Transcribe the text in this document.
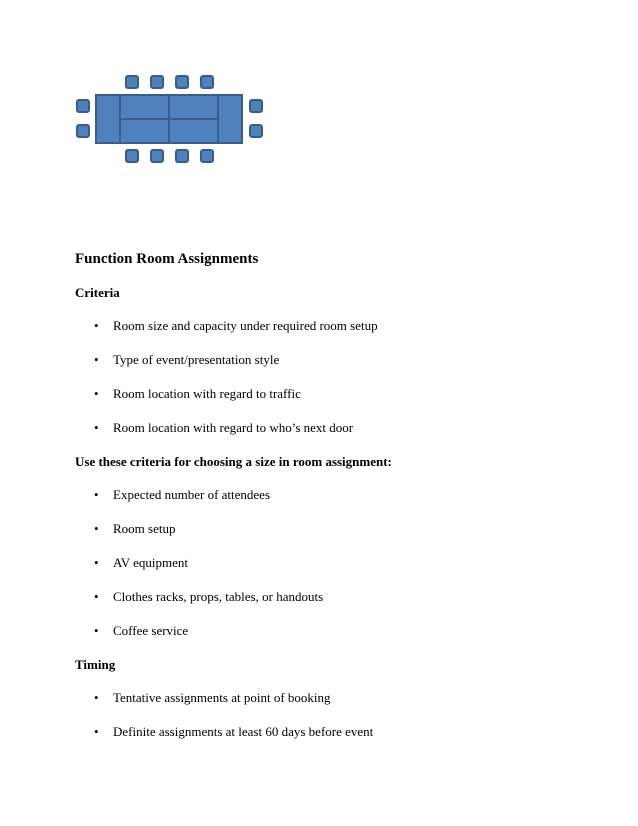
Function Room Assignments
Criteria
• Room size and capacity under required room setup
• Type of event/presentation style
• Room location with regard to traffic
• Room location with regard to who’s next door
Use these criteria for choosing a size in room assignment:
• Expected number of attendees
• Room setup
• AV equipment
• Clothes racks, props, tables, or handouts
• Coffee service
Timing
• Tentative assignments at point of booking
• Definite assignments at least 60 days before event
